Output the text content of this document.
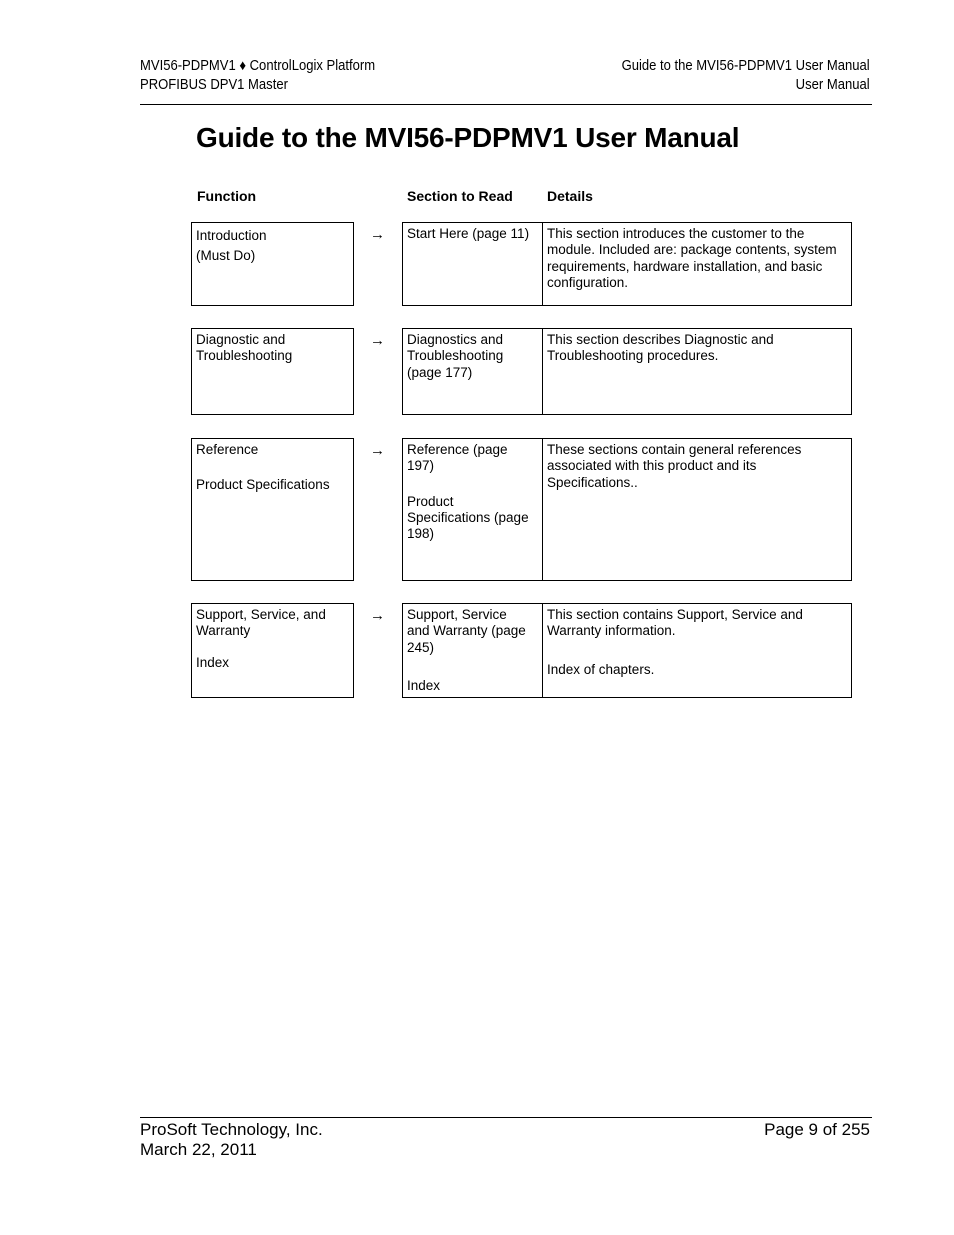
MVI56-PDPMV1 ♦ ControlLogix Platform
PROFIBUS DPV1 Master
Guide to the MVI56-PDPMV1 User Manual
User Manual
Guide to the MVI56-PDPMV1 User Manual
Function	Section to Read Details

Introduction

(Must Do)

→ Start Here (page 11)	This section introduces the customer to the module. Included are: package contents, system requirements, hardware installation, and basic configuration.

Diagnostic and
Troubleshooting

→ Diagnostics and
Troubleshooting
(page 177)

This section describes Diagnostic and
Troubleshooting procedures.

Reference

Product Specifications

→ Reference (page
197)

Product
Specifications (page
198)

These sections contain general references
associated with this product and its
Specifications..

Support, Service, and
Warranty

Index

→ Support, Service
and Warranty (page
245)

Index

This section contains Support, Service and
Warranty information.

Index of chapters.

ProSoft Technology, Inc.
March 22, 2011
Page 9 of 255
